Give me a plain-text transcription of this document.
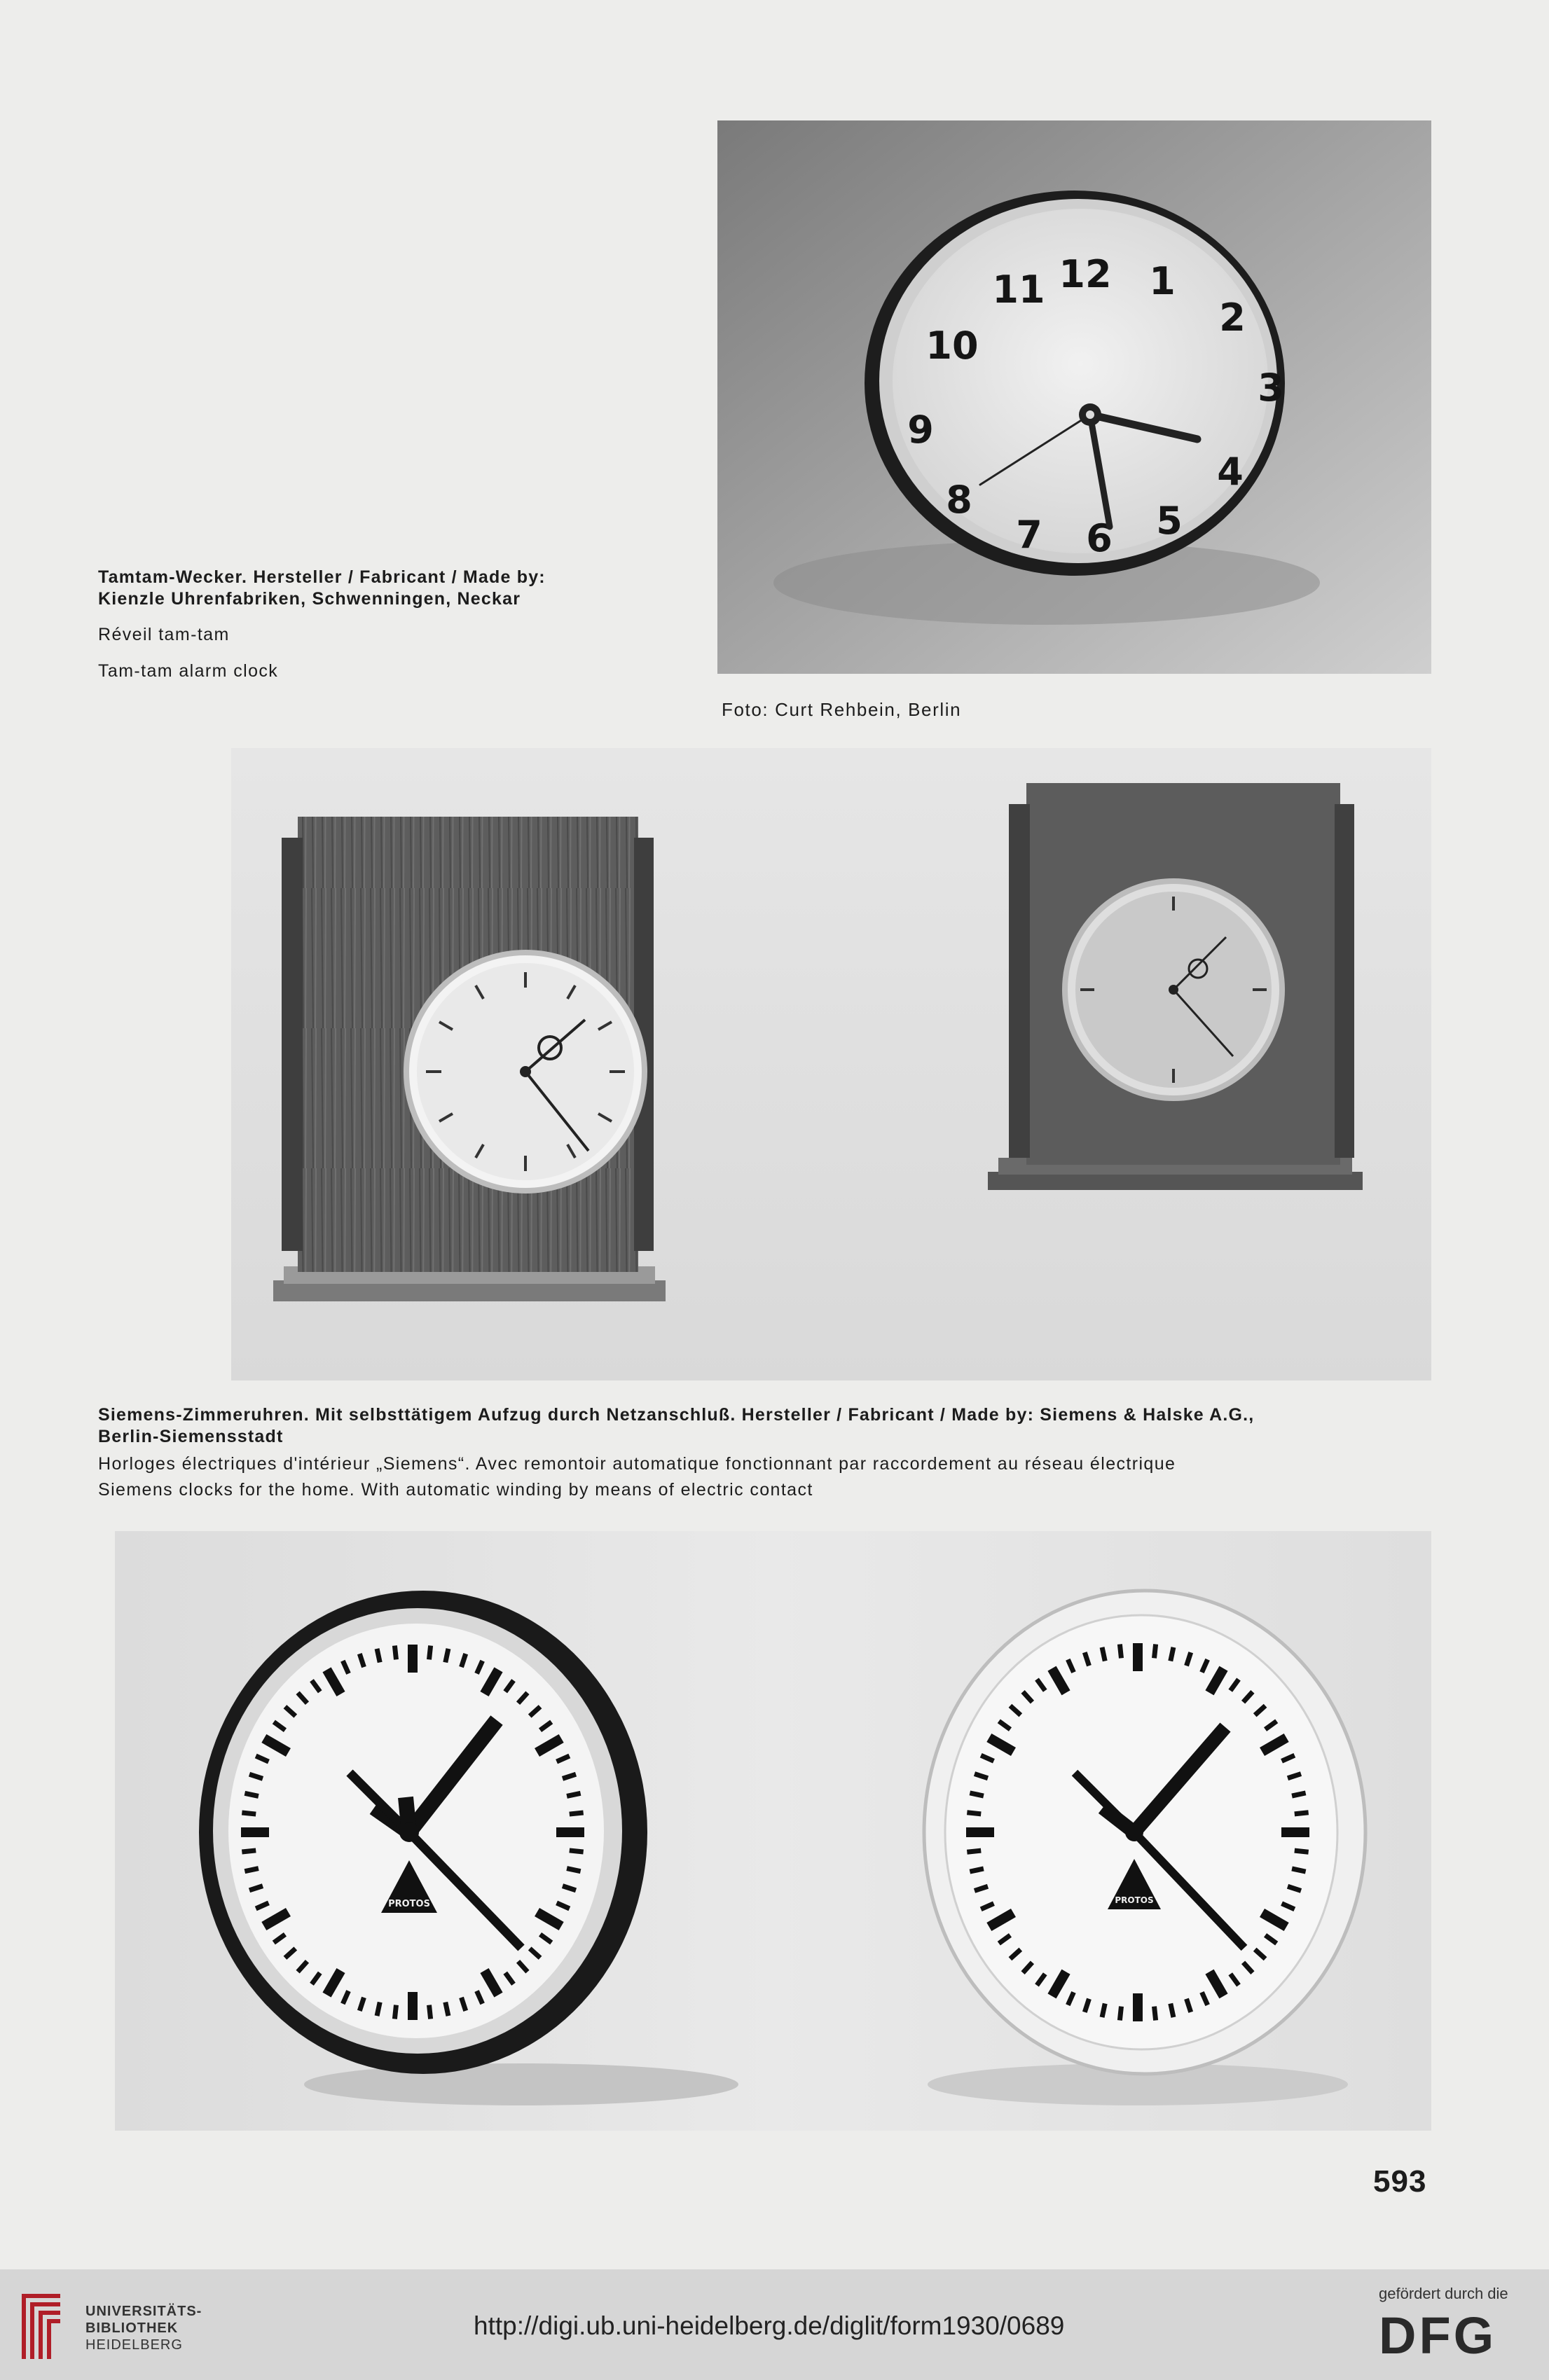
12 1
2
3
4
5
6
7
8
9
10
11
Tamtam-Wecker. Hersteller / Fabricant / Made by:
Kienzle Uhrenfabriken, Schwenningen, Neckar
Réveil tam-tam
Tam-tam alarm clock
Foto: Curt Rehbein, Berlin
Siemens-Zimmeruhren. Mit selbsttätigem Aufzug durch Netzanschluß. Hersteller / Fabricant / Made by: Siemens & Halske A.G.,
Berlin-Siemensstadt
Horloges électriques d'intérieur „Siemens“. Avec remontoir automatique fonctionnant par raccordement au réseau électrique
Siemens clocks for the home. With automatic winding by means of electric contact
PROTOS	PROTOS
593
UNIVERSITÄTS-
BIBLIOTHEK
HEIDELBERG
http://digi.ub.uni-heidelberg.de/diglit/form1930/0689
gefördert durch die
DFG
